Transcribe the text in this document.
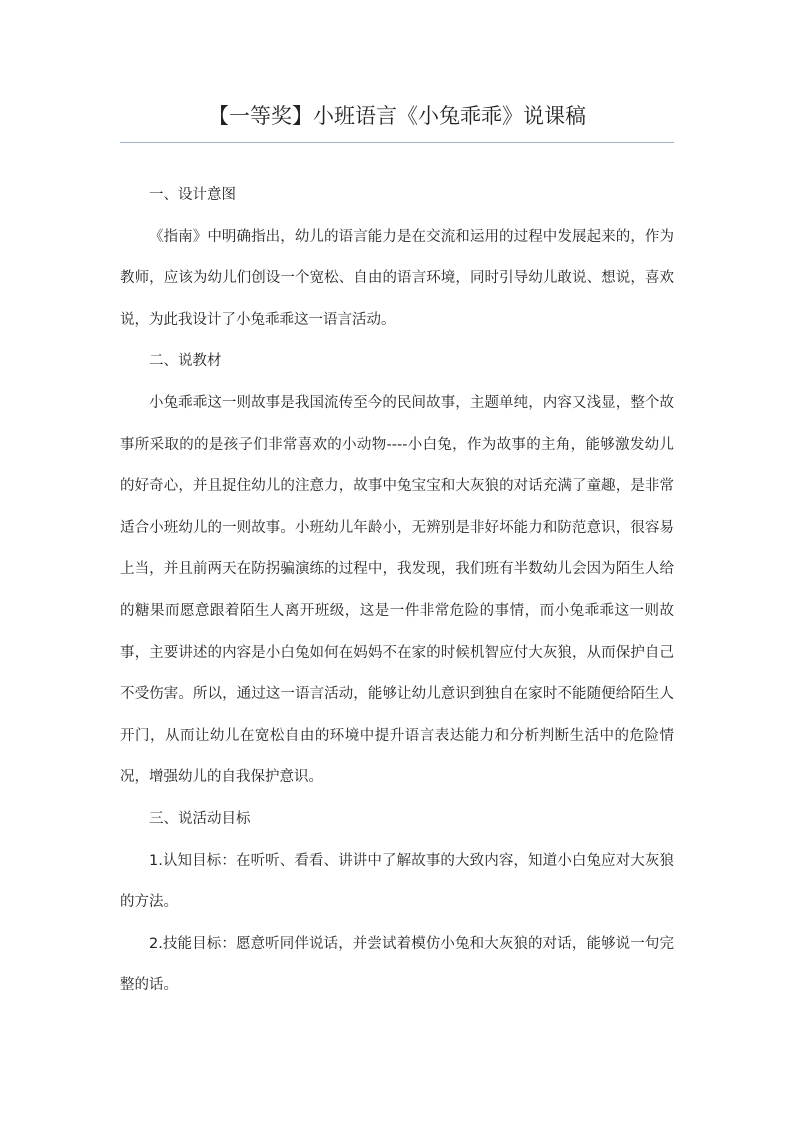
【一等奖】小班语言《小兔乖乖》说课稿

一、设计意图

《指南》中明确指出，幼儿的语言能力是在交流和运用的过程中发展起来的，作为教师，应该为幼儿们创设一个宽松、自由的语言环境，同时引导幼儿敢说、想说，喜欢说，为此我设计了小兔乖乖这一语言活动。

二、说教材

小兔乖乖这一则故事是我国流传至今的民间故事，主题单纯，内容又浅显，整个故事所采取的的是孩子们非常喜欢的小动物----小白兔，作为故事的主角，能够激发幼儿的好奇心，并且捉住幼儿的注意力，故事中兔宝宝和大灰狼的对话充满了童趣，是非常适合小班幼儿的一则故事。小班幼儿年龄小，无辨别是非好坏能力和防范意识，很容易上当，并且前两天在防拐骗演练的过程中，我发现，我们班有半数幼儿会因为陌生人给的糖果而愿意跟着陌生人离开班级，这是一件非常危险的事情，而小兔乖乖这一则故事，主要讲述的内容是小白兔如何在妈妈不在家的时候机智应付大灰狼，从而保护自己不受伤害。所以，通过这一语言活动，能够让幼儿意识到独自在家时不能随便给陌生人开门，从而让幼儿在宽松自由的环境中提升语言表达能力和分析判断生活中的危险情况，增强幼儿的自我保护意识。

三、说活动目标

1.认知目标：在听听、看看、讲讲中了解故事的大致内容，知道小白兔应对大灰狼的方法。

2.技能目标：愿意听同伴说话，并尝试着模仿小兔和大灰狼的对话，能够说一句完整的话。
